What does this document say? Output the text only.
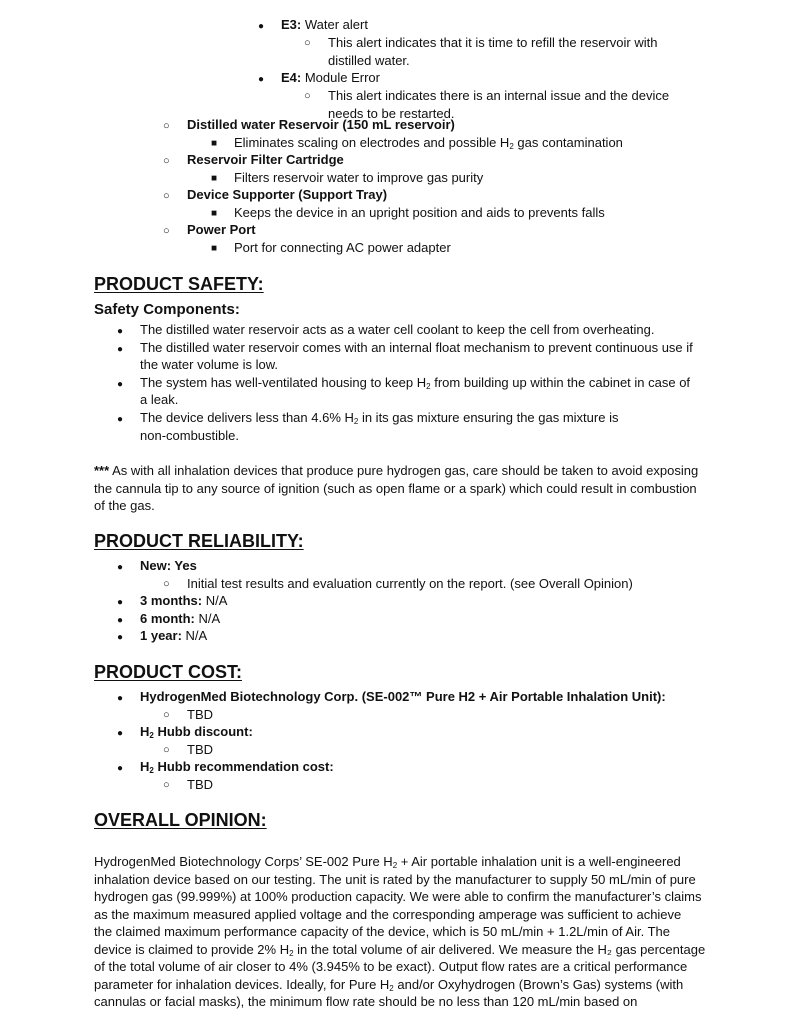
●
E3: Water alert
○
This alert indicates that it is time to refill the reservoir with
distilled water.
●
E4: Module Error
○
This alert indicates there is an internal issue and the device
needs to be restarted.
○
Distilled water Reservoir (150 mL reservoir)
■
Eliminates scaling on electrodes and possible $H_2$ gas contamination
○
Reservoir Filter Cartridge
■
Filters reservoir water to improve gas purity
○
Device Supporter (Support Tray)
■
Keeps the device in an upright position and aids to prevents falls
○
Power Port
■
Port for connecting AC power adapter
PRODUCT SAFETY:
Safety Components:
●
The distilled water reservoir acts as a water cell coolant to keep the cell from overheating.
●
The distilled water reservoir comes with an internal float mechanism to prevent continuous use if
the water volume is low.
●
The system has well-ventilated housing to keep $H_2$ from building up within the cabinet in case of
a leak.
●
The device delivers less than 4.6% $H_2$ in its gas mixture ensuring the gas mixture is
non-combustible.
*** As with all inhalation devices that produce pure hydrogen gas, care should be taken to avoid exposing
the cannula tip to any source of ignition (such as open flame or a spark) which could result in combustion
of the gas.
PRODUCT RELIABILITY:
●
New: Yes
○
Initial test results and evaluation currently on the report. (see Overall Opinion)
●
3 months: N/A
●
6 month: N/A
●
1 year: N/A
PRODUCT COST:
●
HydrogenMed Biotechnology Corp. (SE-002™ Pure H2 + Air Portable Inhalation Unit):
○
TBD
●
$H_2$ Hubb discount:
○
TBD
●
$H_2$ Hubb recommendation cost:
○
TBD
OVERALL OPINION:
HydrogenMed Biotechnology Corps’ SE-002 Pure $H_2$ + Air portable inhalation unit is a well-engineered
inhalation device based on our testing. The unit is rated by the manufacturer to supply 50 mL/min of pure
hydrogen gas (99.999%) at 100% production capacity. We were able to confirm the manufacturer’s claims
as the maximum measured applied voltage and the corresponding amperage was sufficient to achieve
the claimed maximum performance capacity of the device, which is 50 mL/min + 1.2L/min of Air. The
device is claimed to provide 2% $H_2$ in the total volume of air delivered. We measure the H₂ gas percentage
of the total volume of air closer to 4% (3.945% to be exact). Output flow rates are a critical performance
parameter for inhalation devices. Ideally, for Pure $H_2$ and/or Oxyhydrogen (Brown’s Gas) systems (with
cannulas or facial masks), the minimum flow rate should be no less than 120 mL/min based on
